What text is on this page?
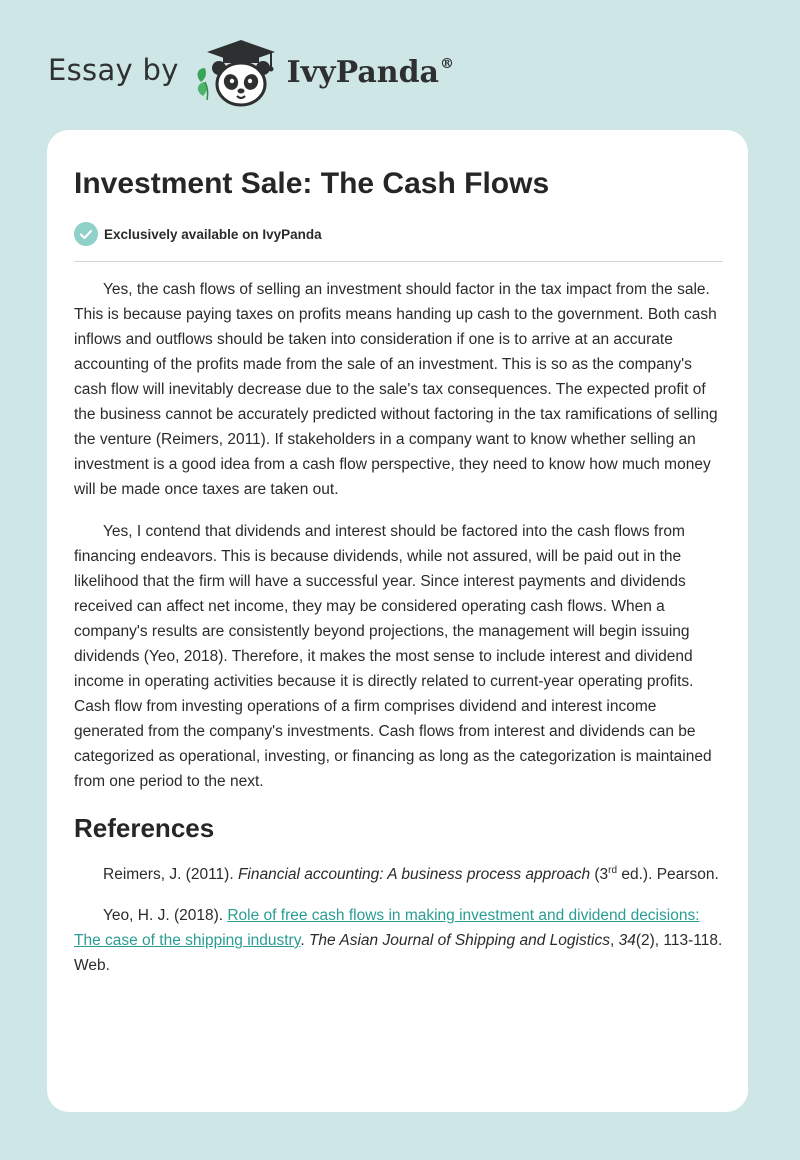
Essay by	IvyPanda®
Investment Sale: The Cash Flows
Exclusively available on IvyPanda

Yes, the cash flows of selling an investment should factor in the tax impact from the sale. This is because paying taxes on profits means handing up cash to the government. Both cash inflows and outflows should be taken into consideration if one is to arrive at an accurate accounting of the profits made from the sale of an investment. This is so as the company's cash flow will inevitably decrease due to the sale's tax consequences. The expected profit of the business cannot be accurately predicted without factoring in the tax ramifications of selling the venture (Reimers, 2011). If stakeholders in a company want to know whether selling an investment is a good idea from a cash flow perspective, they need to know how much money will be made once taxes are taken out.

Yes, I contend that dividends and interest should be factored into the cash flows from financing endeavors. This is because dividends, while not assured, will be paid out in the likelihood that the firm will have a successful year. Since interest payments and dividends received can affect net income, they may be considered operating cash flows. When a company's results are consistently beyond projections, the management will begin issuing dividends (Yeo, 2018). Therefore, it makes the most sense to include interest and dividend income in operating activities because it is directly related to current-year operating profits. Cash flow from investing operations of a firm comprises dividend and interest income generated from the company's investments. Cash flows from interest and dividends can be categorized as operational, investing, or financing as long as the categorization is maintained from one period to the next.

References

Reimers, J. (2011). Financial accounting: A business process approach (3rd ed.). Pearson.

Yeo, H. J. (2018). Role of free cash flows in making investment and dividend decisions: The case of the shipping industry. The Asian Journal of Shipping and Logistics, 34(2), 113-118. Web.
